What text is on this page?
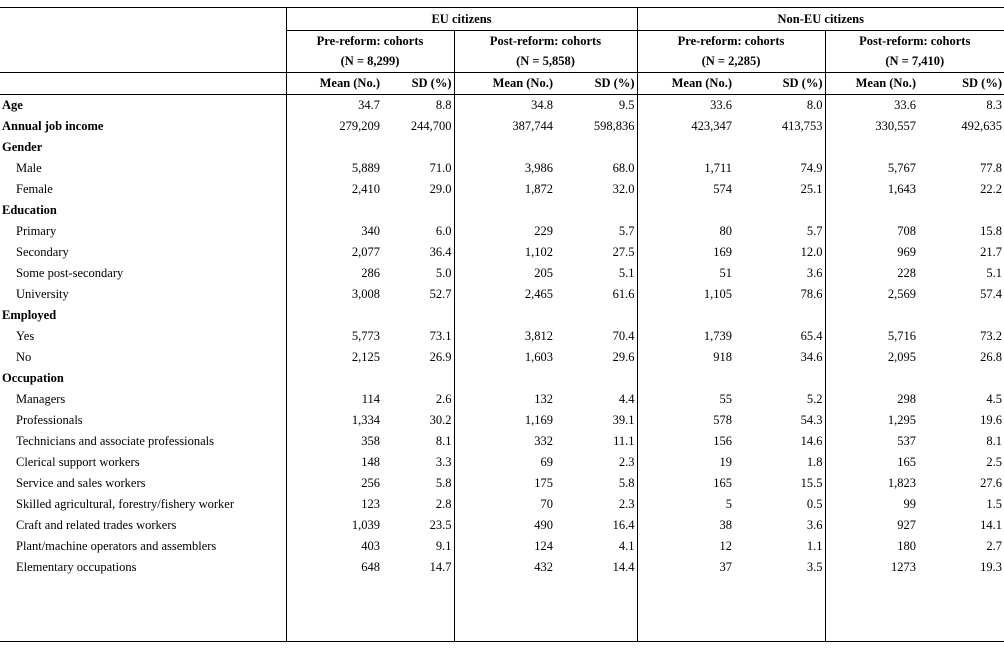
	EU citizens				Non-EU citizens			
	Pre-reform: cohorts		Post-reform: cohorts		Pre-reform: cohorts		Post-reform: cohorts	
	(N = 8,299)		(N = 5,858)		(N = 2,285)		(N = 7,410)	
	Mean (No.)	SD (%)	Mean (No.)	SD (%)	Mean (No.)	SD (%)	Mean (No.)	SD (%)
Age	34.7	8.8	34.8	9.5	33.6	8.0	33.6	8.3
Annual job income	279,209	244,700	387,744	598,836	423,347	413,753	330,557	492,635
Gender								
Male	5,889	71.0	3,986	68.0	1,711	74.9	5,767	77.8
Female	2,410	29.0	1,872	32.0	574	25.1	1,643	22.2
Education								
Primary	340	6.0	229	5.7	80	5.7	708	15.8
Secondary	2,077	36.4	1,102	27.5	169	12.0	969	21.7
Some post-secondary	286	5.0	205	5.1	51	3.6	228	5.1
University	3,008	52.7	2,465	61.6	1,105	78.6	2,569	57.4
Employed								
Yes	5,773	73.1	3,812	70.4	1,739	65.4	5,716	73.2
No	2,125	26.9	1,603	29.6	918	34.6	2,095	26.8
Occupation								
Managers	114	2.6	132	4.4	55	5.2	298	4.5
Professionals	1,334	30.2	1,169	39.1	578	54.3	1,295	19.6
Technicians and associate professionals	358	8.1	332	11.1	156	14.6	537	8.1
Clerical support workers	148	3.3	69	2.3	19	1.8	165	2.5
Service and sales workers	256	5.8	175	5.8	165	15.5	1,823	27.6
Skilled agricultural, forestry/fishery worker	123	2.8	70	2.3	5	0.5	99	1.5
Craft and related trades workers	1,039	23.5	490	16.4	38	3.6	927	14.1
Plant/machine operators and assemblers	403	9.1	124	4.1	12	1.1	180	2.7
Elementary occupations	648	14.7	432	14.4	37	3.5	1273	19.3
